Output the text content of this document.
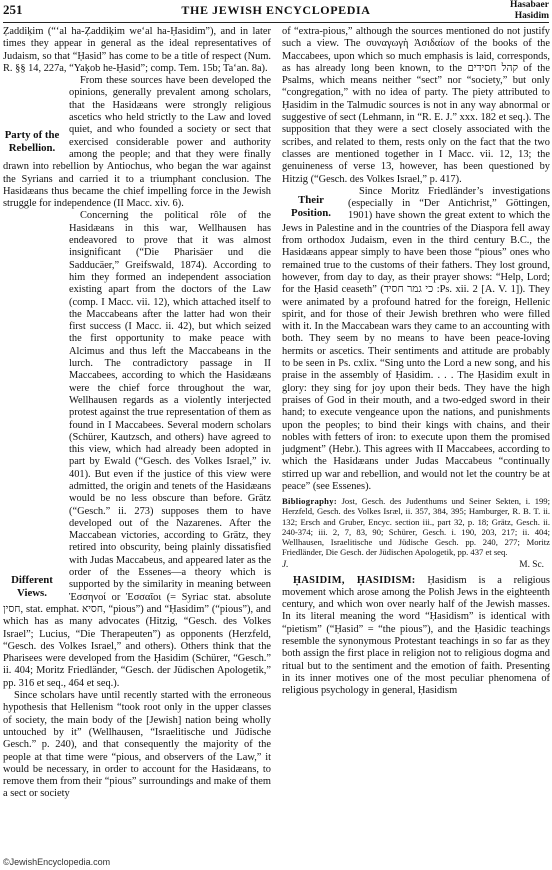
251	THE JEWISH ENCYCLOPEDIA	Hasabaer
Hasidim

Ẓaddiḳim (“‘al ha-Ẓaddiḳim we‘al ha-Ḥasidim”), and in later times they appear in general as the ideal representatives of Judaism, so that “Ḥasid” has come to be a title of respect (Num. R. §§ 14, 227a, “Yaḳob he-Ḥasid”; comp. Tem. 15b; Ta‘an. 8a).

Party of the Rebellion.

From these sources have been developed the opinions, generally prevalent among scholars, that the Hasidæans were strongly religious ascetics who held strictly to the Law and loved quiet, and who founded a society or sect that exercised considerable power and authority among the people; and that they were finally drawn into rebellion by Antiochus, who began the war against the Syrians and carried it to a triumphant conclusion. The Hasidæans thus became the chief impelling force in the Jewish struggle for independence (II Macc. xiv. 6).

Different Views.

Concerning the political rôle of the Hasidæans in this war, Wellhausen has endeavored to prove that it was almost insignificant (“Die Pharisäer und die Sadducäer,” Greifswald, 1874). According to him they formed an independent association existing apart from the doctors of the Law (comp. I Macc. vii. 12), which attached itself to the Maccabeans after the latter had won their first success (I Macc. ii. 42), but which seized the first opportunity to make peace with Alcimus and thus left the Maccabeans in the lurch. The contradictory passage in II Maccabees, according to which the Hasidæans were the chief force throughout the war, Wellhausen regards as a violently interjected protest against the true representation of them as found in I Maccabees. Several modern scholars (Schürer, Kautzsch, and others) have agreed to this view, which had already been adopted in part by Ewald (“Gesch. des Volkes Israel,” iv. 401). But even if the justice of this view were admitted, the origin and tenets of the Hasidæans would be no less obscure than before. Grätz (“Gesch.” ii. 273) supposes them to have developed out of the Nazarenes. After the Maccabean victories, according to Grätz, they retired into obscurity, being plainly dissatisfied with Judas Maccabeus, and appeared later as the order of the Essenes—a theory which is supported by the similarity in meaning between Ἐσσηνοί or Ἐσσαῖοι (= Syriac stat. absolute חסין, stat. emphat. חסיא, “pious”) and “Ḥasidim” (“pious”), and which has as many advocates (Hitzig, “Gesch. des Volkes Israel”; Lucius, “Die Therapeuten”) as opponents (Herzfeld, “Gesch. des Volkes Israel,” and others). Others think that the Pharisees were developed from the Ḥasidim (Schürer, “Gesch.” ii. 404; Moritz Friedländer, “Gesch. der Jüdischen Apologetik,” pp. 316 et seq., 464 et seq.).

Since scholars have until recently started with the erroneous hypothesis that Hellenism “took root only in the upper classes of society, the main body of the [Jewish] nation being wholly untouched by it” (Wellhausen, “Israelitische und Jüdische Gesch.” p. 240), and that consequently the majority of the people at that time were “pious, and observers of the Law,” it would be necessary, in order to account for the Hasidæans, to remove them from their “pious” surroundings and make of them a sect or society

of “extra-pious,” although the sources mentioned do not justify such a view. The συναγωγὴ Ἀσιδαίων of the books of the Maccabees, upon which so much emphasis is laid, corresponds, as has already long been known, to the קהל חסידים of the Psalms, which means neither “sect” nor “society,” but only “congregation,” with no idea of party. The piety attributed to Ḥasidim in the Talmudic sources is not in any way abnormal or suggestive of sect (Lehmann, in “R. E. J.” xxx. 182 et seq.). The supposition that they were a sect closely associated with the scribes, and related to them, rests only on the fact that the two classes are mentioned together in I Macc. vii. 12, 13; the genuineness of verse 13, however, has been questioned by Hitzig (“Gesch. des Volkes Israel,” p. 417).

Their Position.

Since Moritz Friedländer’s investigations (especially in “Der Antichrist,” Göttingen, 1901) have shown the great extent to which the Jews in Palestine and in the countries of the Diaspora fell away from orthodox Judaism, even in the third century B.C., the Hasidæans appear simply to have been those “pious” ones who remained true to the customs of their fathers. They lost ground, however, from day to day, as their prayer shows: “Help, Lord; for the Ḥasid ceaseth” (כי גמר חסיד :Ps. xii. 2 [A. V. 1]). They were animated by a profound hatred for the foreign, Hellenic spirit, and for those of their Jewish brethren who were filled with it. In the Maccabean wars they came to an accounting with both. They seem by no means to have been peace-loving hermits or ascetics. Their sentiments and attitude are probably to be seen in Ps. cxlix. “Sing unto the Lord a new song, and his praise in the assembly of Ḥasidim. . . . The Ḥasidim exult in glory: they sing for joy upon their beds. They have the high praises of God in their mouth, and a two-edged sword in their hand; to execute vengeance upon the nations, and punishments upon the peoples; to bind their kings with chains, and their nobles with fetters of iron: to execute upon them the promised judgment” (Hebr.). This agrees with II Maccabees, according to which the Hasidæans under Judas Maccabeus “continually stirred up war and rebellion, and would not let the country be at peace” (see Essenes).

Bibliography: Jost, Gesch. des Judenthums und Seiner Sekten, i. 199; Herzfeld, Gesch. des Volkes Isræl, ii. 357, 384, 395; Hamburger, R. B. T. ii. 132; Ersch and Gruber, Encyc. section iii., part 32, p. 18; Grätz, Gesch. ii. 240-374; iii. 2, 7, 83, 90; Schürer, Gesch. i. 190, 203, 217; ii. 404; Wellhausen, Israelitische und Jüdische Gesch. pp. 240, 277; Moritz Friedländer, Die Gesch. der Jüdischen Apologetik, pp. 437 et seq.

J.	M. Sc.

ḤASIDIM, ḤASIDISM: Ḥasidism is a religious movement which arose among the Polish Jews in the eighteenth century, and which won over nearly half of the Jewish masses. In its literal meaning the word “Ḥasidism” is identical with “pietism” (“Ḥasid” = “the pious”), and the Ḥasidic teachings resemble the synonymous Protestant teachings in so far as they both assign the first place in religion not to religious dogma and ritual but to the sentiment and the emotion of faith. Presenting in its inner motives one of the most peculiar phenomena of religious psychology in general, Ḥasidism

©JewishEncyclopedia.com
